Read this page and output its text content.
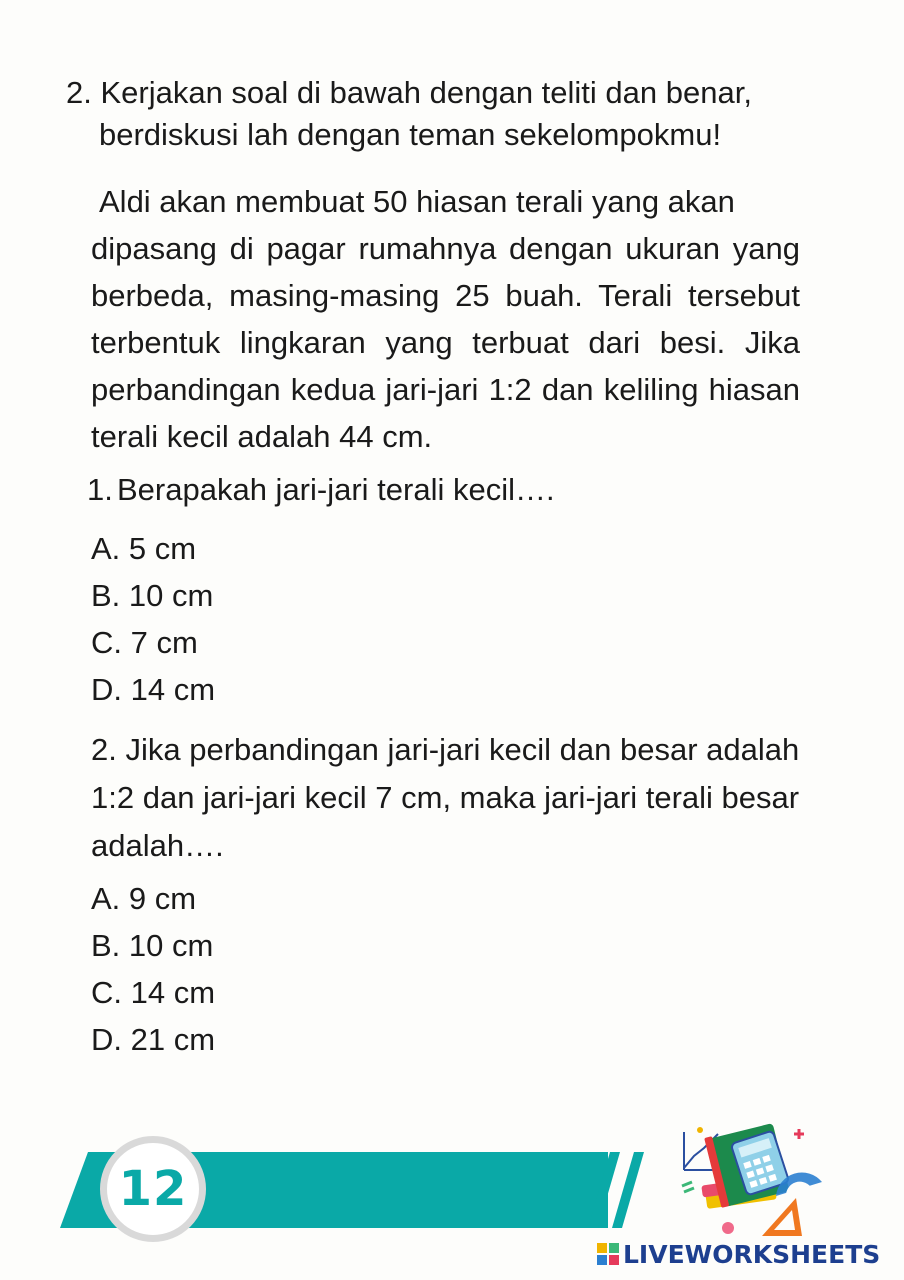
2. Kerjakan soal di bawah dengan teliti dan benar,
berdiskusi lah dengan teman sekelompokmu!
Aldi akan membuat 50 hiasan terali yang akan
dipasang di pagar rumahnya dengan ukuran yang berbeda, masing-masing 25 buah. Terali tersebut terbentuk lingkaran yang terbuat dari besi. Jika perbandingan kedua jari-jari 1:2 dan keliling hiasan terali kecil adalah 44 cm.
1. Berapakah jari-jari terali kecil….
A. 5 cm
B. 10 cm
C. 7 cm
D. 14 cm
2. Jika perbandingan jari-jari kecil dan besar adalah 1:2 dan jari-jari kecil 7 cm, maka jari-jari terali besar adalah….
A. 9 cm
B. 10 cm
C. 14 cm
D. 21 cm
12
LIVEWORKSHEETS
